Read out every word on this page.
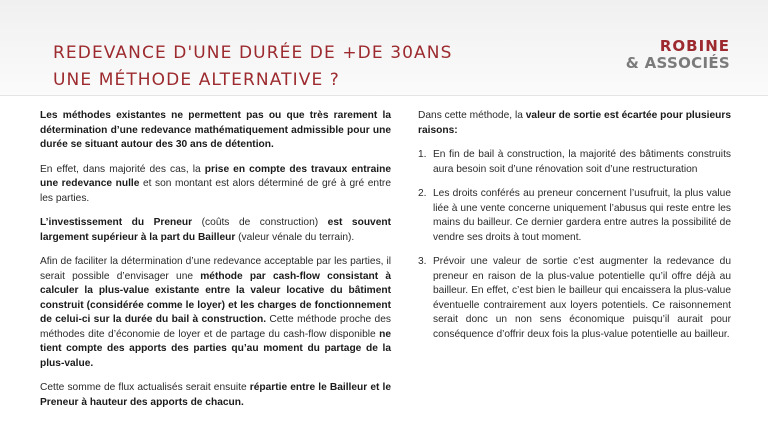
REDEVANCE D'UNE DURÉE DE +DE 30ANS
UNE MÉTHODE ALTERNATIVE ?
ROBINE
& ASSOCIÉS

Les méthodes existantes ne permettent pas ou que très rarement la détermination d’une redevance mathématiquement admissible pour une durée se situant autour des 30 ans de détention.

En effet, dans majorité des cas, la prise en compte des travaux entraine une redevance nulle et son montant est alors déterminé de gré à gré entre les parties.

L’investissement du Preneur (coûts de construction) est souvent largement supérieur à la part du Bailleur (valeur vénale du terrain).

Afin de faciliter la détermination d’une redevance acceptable par les parties, il serait possible d’envisager une méthode par cash-flow consistant à calculer la plus-value existante entre la valeur locative du bâtiment construit (considérée comme le loyer) et les charges de fonctionnement de celui-ci sur la durée du bail à construction. Cette méthode proche des méthodes dite d’économie de loyer et de partage du cash-flow disponible ne tient compte des apports des parties qu’au moment du partage de la plus-value.

Cette somme de flux actualisés serait ensuite répartie entre le Bailleur et le Preneur à hauteur des apports de chacun.

Dans cette méthode, la valeur de sortie est écartée pour plusieurs raisons:

1. En fin de bail à construction, la majorité des bâtiments construits aura besoin soit d’une rénovation soit d’une restructuration
2. Les droits conférés au preneur concernent l’usufruit, la plus value liée à une vente concerne uniquement l’abusus qui reste entre les mains du bailleur. Ce dernier gardera entre autres la possibilité de vendre ses droits à tout moment.
3. Prévoir une valeur de sortie c’est augmenter la redevance du preneur en raison de la plus-value potentielle qu’il offre déjà au bailleur. En effet, c’est bien le bailleur qui encaissera la plus-value éventuelle contrairement aux loyers potentiels. Ce raisonnement serait donc un non sens économique puisqu’il aurait pour conséquence d’offrir deux fois la plus-value potentielle au bailleur.
